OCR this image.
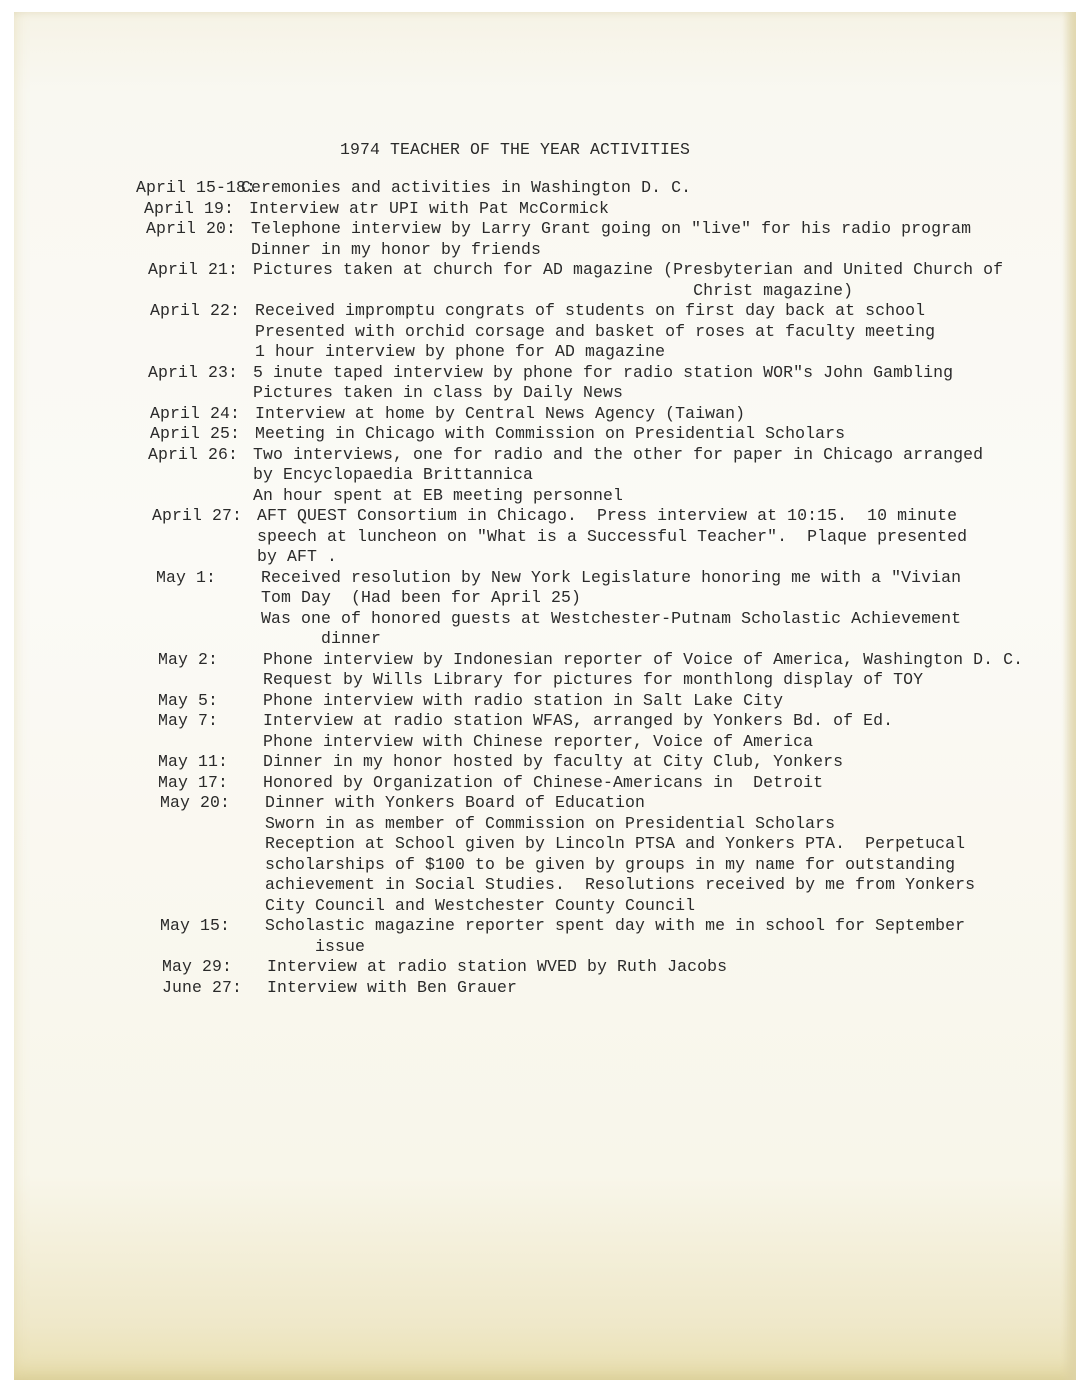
1974 TEACHER OF THE YEAR ACTIVITIES
April 15-18:
Ceremonies and activities in Washington D. C.
April 19: Interview atr UPI with Pat McCormick
April 20: Telephone interview by Larry Grant going on "live" for his radio program
Dinner in my honor by friends
April 21: Pictures taken at church for AD magazine (Presbyterian and United Church of
Christ magazine)
April 22: Received impromptu congrats of students on first day back at school
Presented with orchid corsage and basket of roses at faculty meeting
1 hour interview by phone for AD magazine
April 23: 5 inute taped interview by phone for radio station WOR"s John Gambling
Pictures taken in class by Daily News
April 24: Interview at home by Central News Agency (Taiwan)
April 25: Meeting in Chicago with Commission on Presidential Scholars
April 26: Two interviews, one for radio and the other for paper in Chicago arranged
by Encyclopaedia Brittannica
An hour spent at EB meeting personnel
April 27: AFT QUEST Consortium in Chicago.  Press interview at 10:15.  10 minute
speech at luncheon on "What is a Successful Teacher".  Plaque presented
by AFT .
May 1:	Received resolution by New York Legislature honoring me with a "Vivian
Tom Day  (Had been for April 25)
Was one of honored guests at Westchester-Putnam Scholastic Achievement
dinner
May 2:	Phone interview by Indonesian reporter of Voice of America, Washington D. C.
Request by Wills Library for pictures for monthlong display of TOY
May 5:	Phone interview with radio station in Salt Lake City
May 7:	Interview at radio station WFAS, arranged by Yonkers Bd. of Ed.
Phone interview with Chinese reporter, Voice of America
May 11:	Dinner in my honor hosted by faculty at City Club, Yonkers
May 17:	Honored by Organization of Chinese-Americans in  Detroit
May 20:	Dinner with Yonkers Board of Education
Sworn in as member of Commission on Presidential Scholars
Reception at School given by Lincoln PTSA and Yonkers PTA.  Perpetucal
scholarships of $100 to be given by groups in my name for outstanding
achievement in Social Studies.  Resolutions received by me from Yonkers
City Council and Westchester County Council
May 15:	Scholastic magazine reporter spent day with me in school for September
issue
May 29:	Interview at radio station WVED by Ruth Jacobs
June 27:	Interview with Ben Grauer
